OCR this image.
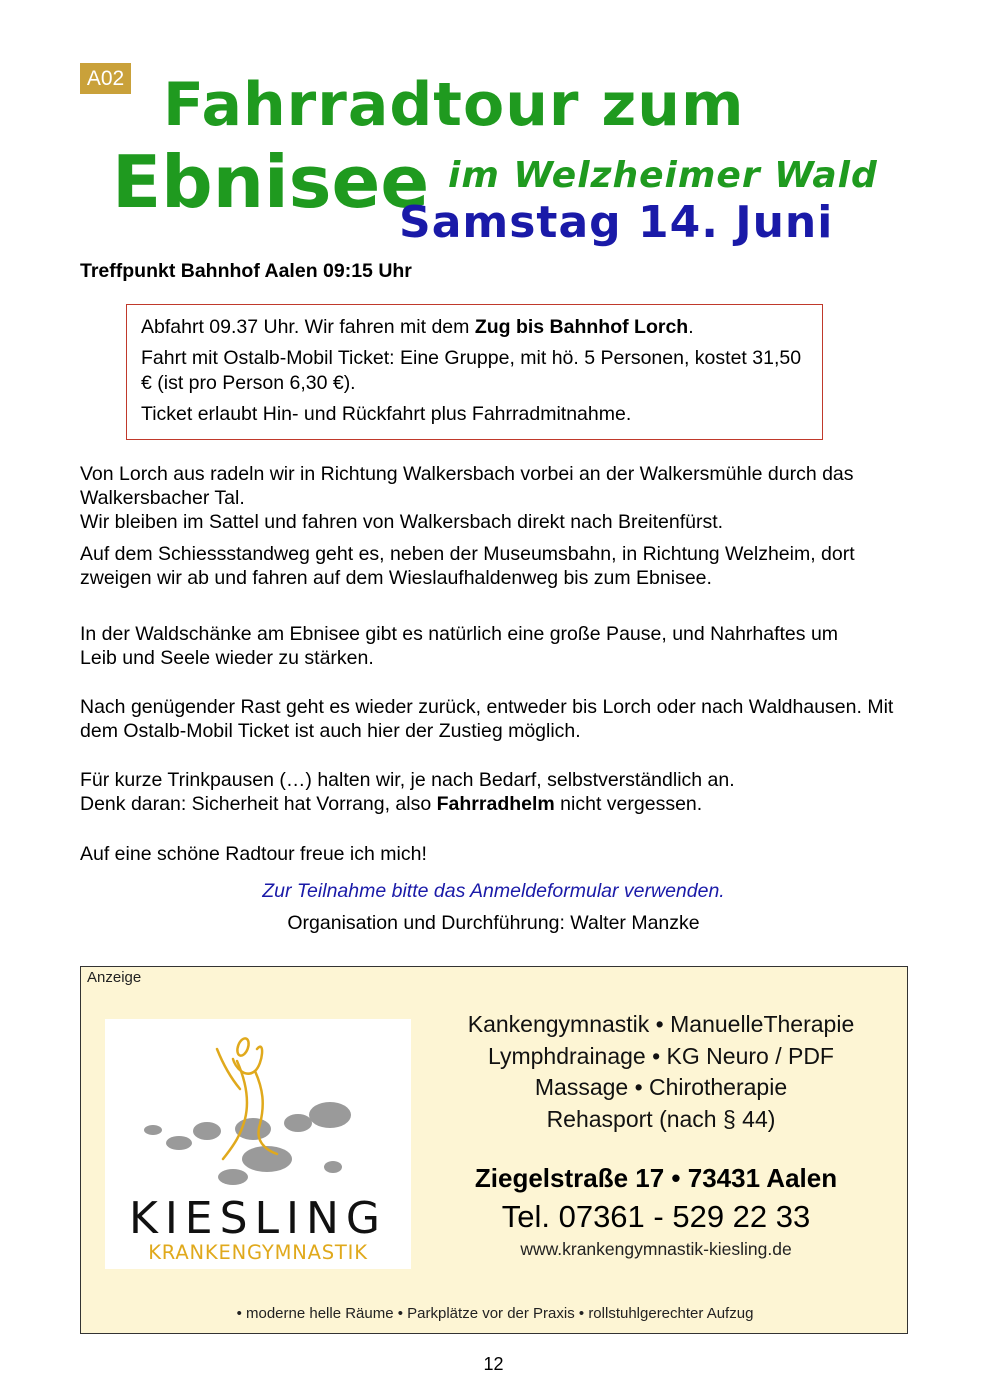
A02 Fahrradtour zum
Ebnisee im Welzheimer Wald
Samstag 14. Juni
Treffpunkt Bahnhof Aalen 09:15 Uhr

Abfahrt 09.37 Uhr. Wir fahren mit dem Zug bis Bahnhof Lorch.

Fahrt mit Ostalb-Mobil Ticket: Eine Gruppe, mit hö. 5 Personen, kostet 31,50 € (ist pro Person 6,30 €).

Ticket erlaubt Hin- und Rückfahrt plus Fahrradmitnahme.

Von Lorch aus radeln wir in Richtung Walkersbach vorbei an der Walkersmühle durch das Walkersbacher Tal.

Wir bleiben im Sattel und fahren von Walkersbach direkt nach Breitenfürst.

Auf dem Schiessstandweg geht es, neben der Museumsbahn, in Richtung Welzheim, dort zweigen wir ab und fahren auf dem Wieslaufhaldenweg bis zum Ebnisee.
In der Waldschänke am Ebnisee gibt es natürlich eine große Pause, und Nahrhaftes um Leib und Seele wieder zu stärken.
Nach genügender Rast geht es wieder zurück, entweder bis Lorch oder nach Waldhausen. Mit dem Ostalb-Mobil Ticket ist auch hier der Zustieg möglich.

Für kurze Trinkpausen (…) halten wir, je nach Bedarf, selbstverständlich an.

Denk daran: Sicherheit hat Vorrang, also Fahrradhelm nicht vergessen.

Auf eine schöne Radtour freue ich mich!
Zur Teilnahme bitte das Anmeldeformular verwenden.
Organisation und Durchführung: Walter Manzke
Anzeige
KIESLING
KRANKENGYMNASTIK
Kankengymnastik • ManuelleTherapie
Lymphdrainage • KG Neuro / PDF
Massage • Chirotherapie
Rehasport (nach § 44)
Ziegelstraße 17 • 73431 Aalen
Tel. 07361 - 529 22 33
www.krankengymnastik-kiesling.de
• moderne helle Räume • Parkplätze vor der Praxis • rollstuhlgerechter Aufzug
12
